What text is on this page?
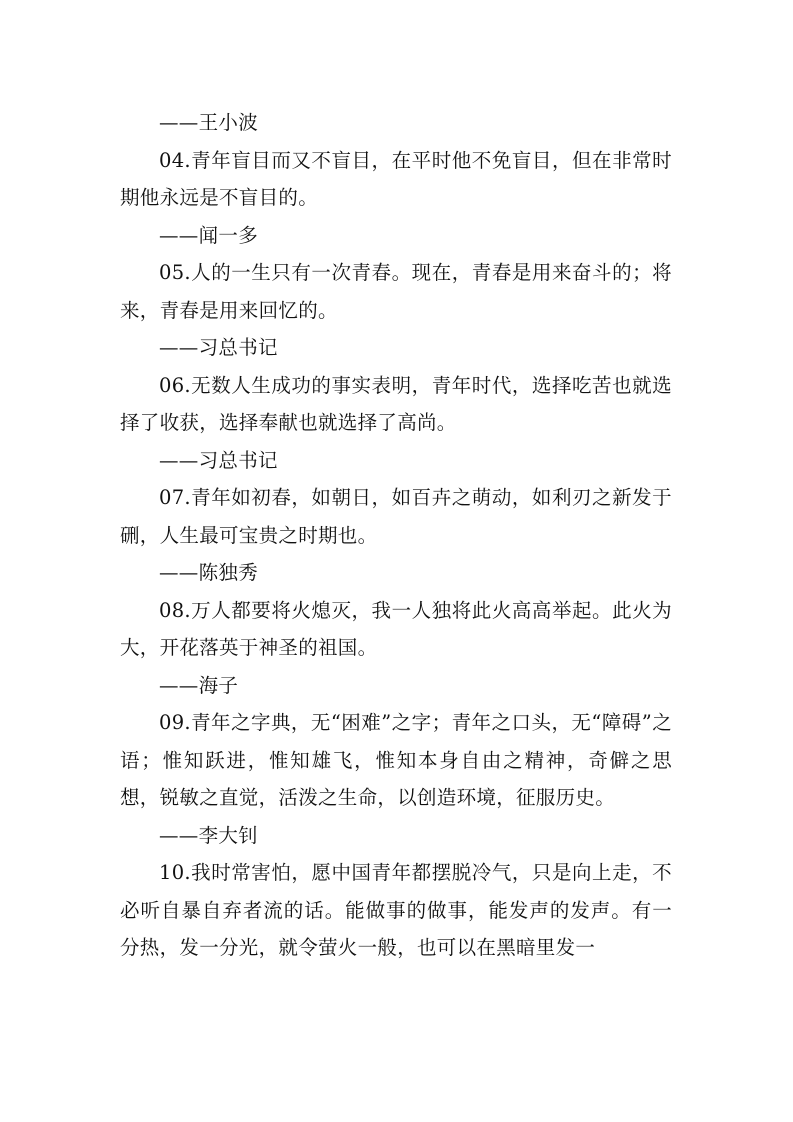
——王小波

04.青年盲目而又不盲目，在平时他不免盲目，但在非常时期他永远是不盲目的。

——闻一多

05.人的一生只有一次青春。现在，青春是用来奋斗的；将来，青春是用来回忆的。

——习总书记

06.无数人生成功的事实表明，青年时代，选择吃苦也就选择了收获，选择奉献也就选择了高尚。

——习总书记

07.青年如初春，如朝日，如百卉之萌动，如利刃之新发于硎，人生最可宝贵之时期也。

——陈独秀

08.万人都要将火熄灭，我一人独将此火高高举起。此火为大，开花落英于神圣的祖国。

——海子

09.青年之字典，无“困难”之字；青年之口头，无“障碍”之语；惟知跃进，惟知雄飞，惟知本身自由之精神，奇僻之思想，锐敏之直觉，活泼之生命，以创造环境，征服历史。

——李大钊

10.我时常害怕，愿中国青年都摆脱冷气，只是向上走，不必听自暴自弃者流的话。能做事的做事，能发声的发声。有一分热，发一分光，就令萤火一般，也可以在黑暗里发一
